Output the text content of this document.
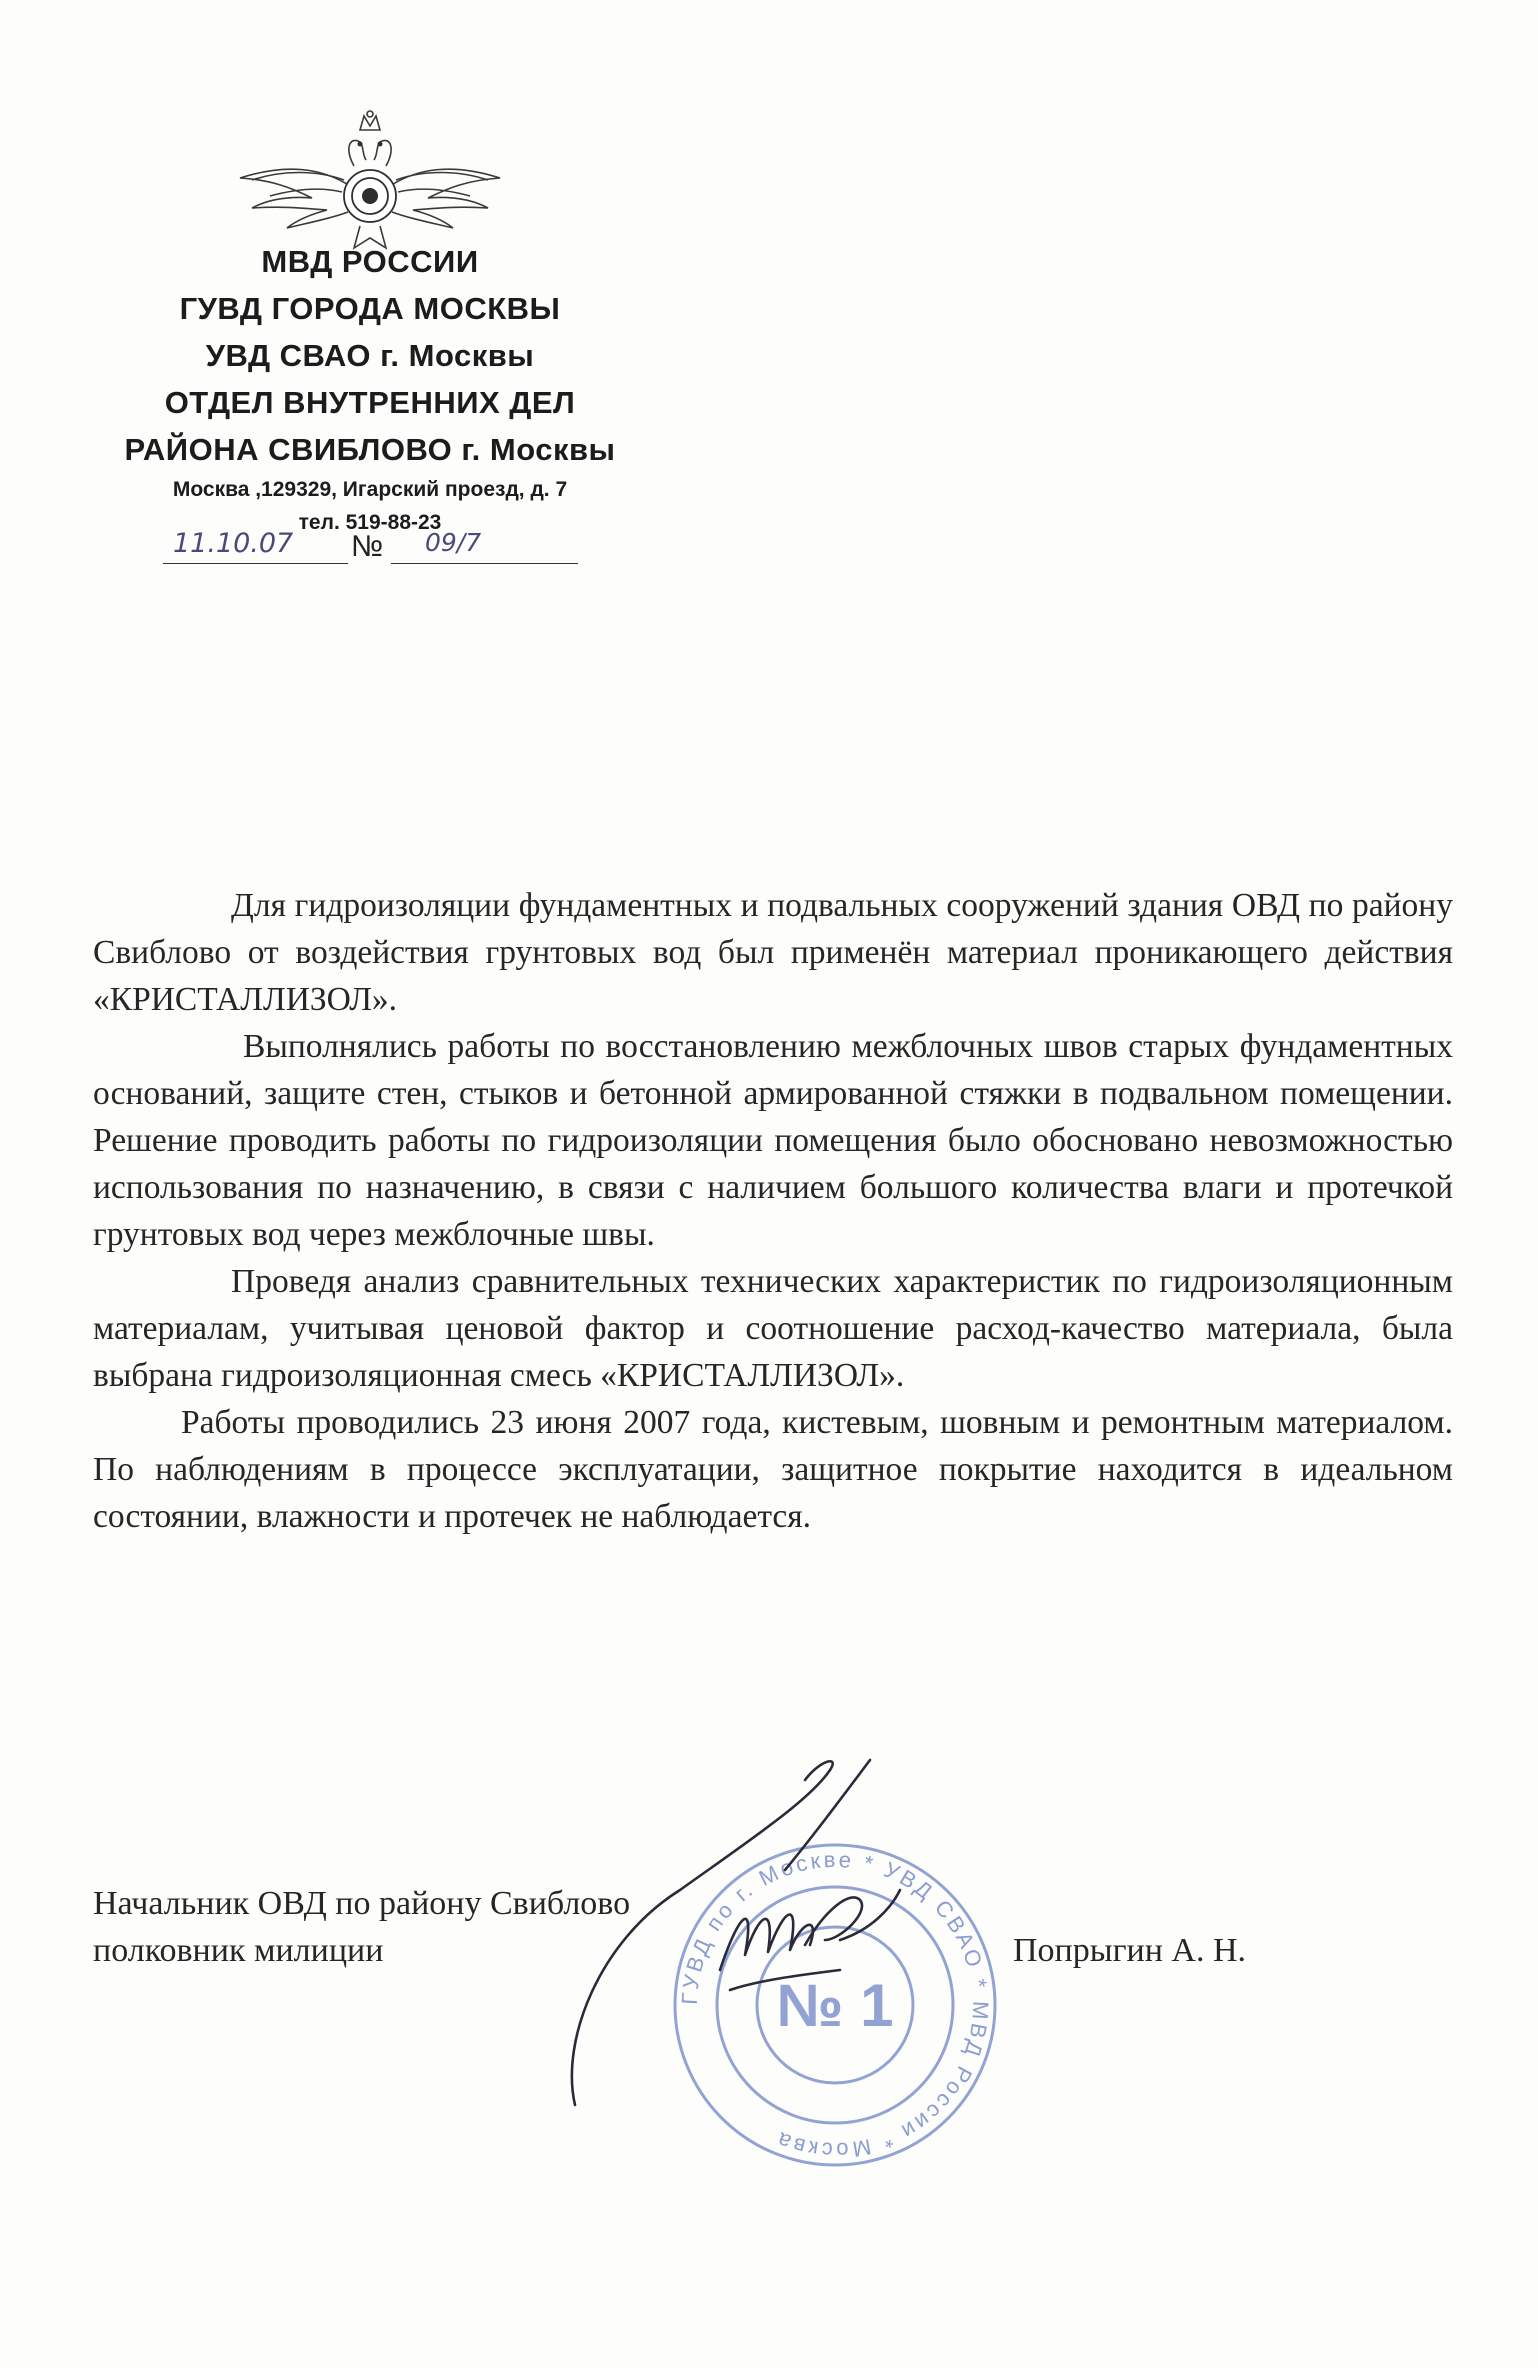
МВД РОССИИ
ГУВД ГОРОДА МОСКВЫ
УВД СВАО г. Москвы
ОТДЕЛ ВНУТРЕННИХ ДЕЛ
РАЙОНА СВИБЛОВО г. Москвы
Москва ,129329, Игарский проезд, д. 7
тел. 519-88-23
11.10.07 № 09/7

Для гидроизоляции фундаментных и подвальных сооружений здания ОВД по району Свиблово от воздействия грунтовых вод был применён материал проникающего действия «КРИСТАЛЛИЗОЛ».

Выполнялись работы по восстановлению межблочных швов старых фундаментных оснований, защите стен, стыков и бетонной армированной стяжки в подвальном помещении. Решение проводить работы по гидроизоляции помещения было обосновано невозможностью использования по назначению, в связи с наличием большого количества влаги и протечкой грунтовых вод через межблочные швы.

Проведя анализ сравнительных технических характеристик по гидроизоляционным материалам, учитывая ценовой фактор и соотношение расход-качество материала, была выбрана гидроизоляционная смесь «КРИСТАЛЛИЗОЛ».

Работы проводились 23 июня 2007 года, кистевым, шовным и ремонтным материалом. По наблюдениям в процессе эксплуатации, защитное покрытие находится в идеальном состоянии, влажности и протечек не наблюдается.

ГУВД по г. Москве * УВД СВАО * МВД России * Москва
№ 1
Начальник ОВД по району Свиблово
полковник милиции	Попрыгин А. Н.
